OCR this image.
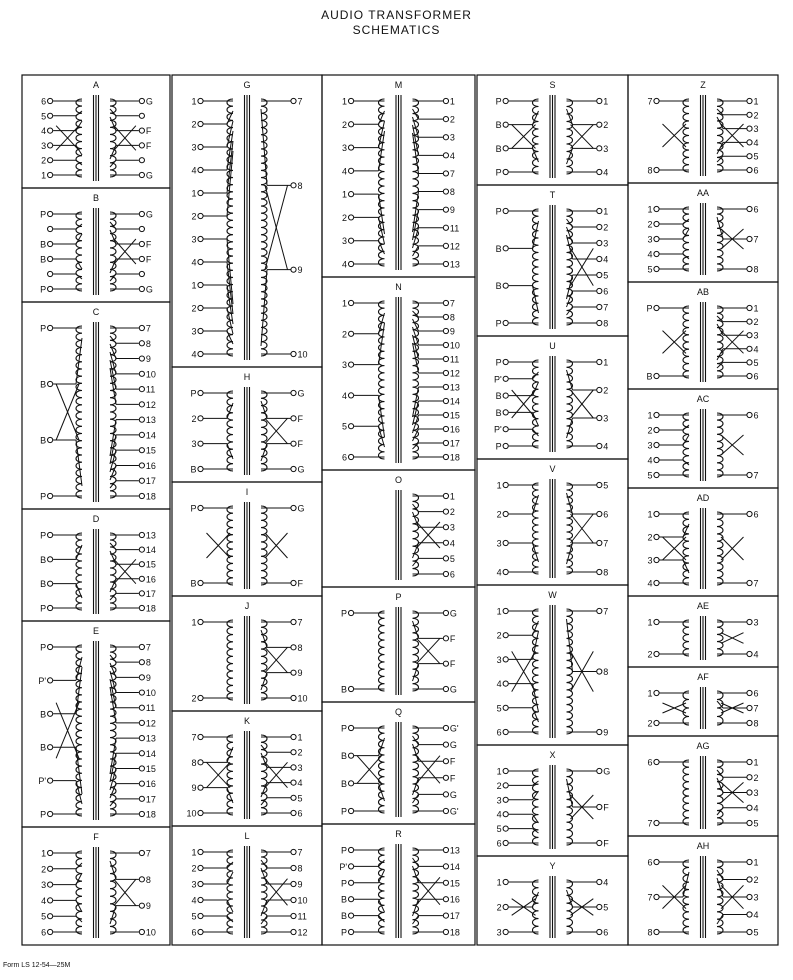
AUDIO TRANSFORMER
SCHEMATICS
A
6
5
4
3
2
1
G
F
F
G
B
P
B
B
P
G
F
F
G
C
P
B
B
P
7
8
9
10
11
12
13
14
15
16
17
18
D
P
B
B
P
13
14
15
16
17
18
E
P
P'
B
B
P'
P
7
8
9
10
11
12
13
14
15
16
17
18
F
1
2
3
4
5
6
7
8
9
10
G
1
2
3
4
1
2
3
4
1
2
3
4
7
8
9
10
H
P
2
3
B
G
F
F
G
I
P
B
G
F
J
1
2
7
8
9
10
K
7
8
9
10
1
2
3
4
5
6
L
1
2
3
4
5
6
7
8
9
10
11
12
M
1
2
3
4
1
2
3
4
1
2
3
4
7
8
9
11
12
13
N
1
2
3
4
5
6
7
8
9
10
11
12
13
14
15
16
17
18
O
1
2
3
4
5
6
P
P
B
G
F
F
G
Q
P
B
B
P
G'
G
F
F
G
G'
R
P
P'
P
B
B
P
13
14
15
16
17
18
S
P
B
B
P
1
2
3
4
T
P
B
B
P
1
2
3
4
5
6
7
8
U
P
P'
B
B
P'
P
1
2
3
4
V
1
2
3
4
5
6
7
8
W
1
2
3
4
5
6
7
8
9
X
1
2
3
4
5
6
G
F
F
Y
1
2
3
4
5
6
Z
7
8
1
2
3
4
5
6
AA
1
2
3
4
5
6
7
8
AB
P
B
1
2
3
4
5
6
AC
1
2
3
4
5
6
7
AD
1
2
3
4
6
7
AE
1
2
3
4
AF
1
2
6
7
8
AG
6
7
1
2
3
4
5
AH
6
7
8
1
2
3
4
5
Form LS 12-54—25M
